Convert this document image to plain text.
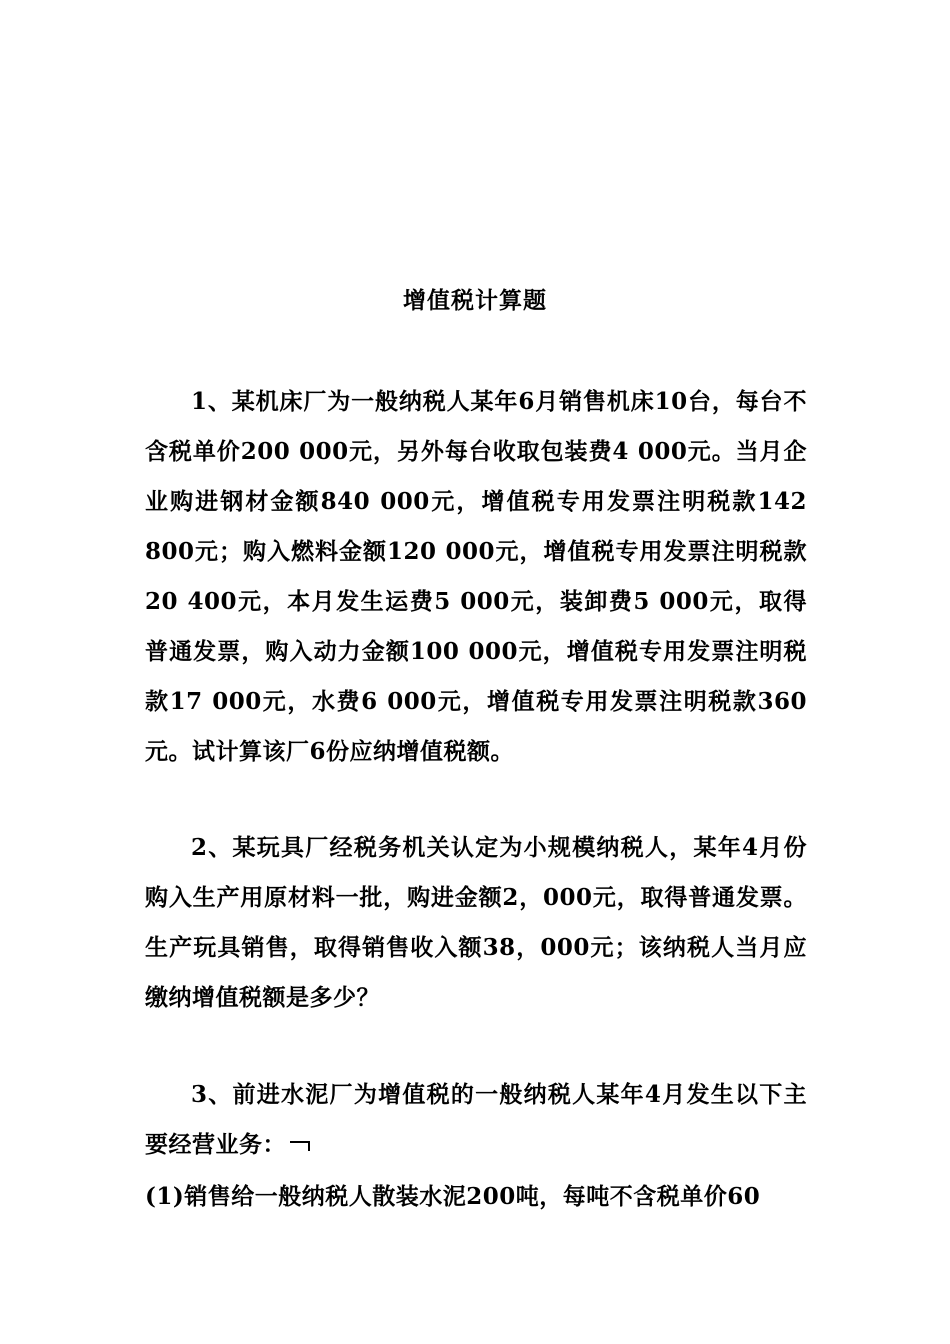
增值税计算题

1、某机床厂为一般纳税人某年6月销售机床10台，每台不含税单价200 000元，另外每台收取包装费4 000元。当月企业购进钢材金额840 000元，增值税专用发票注明税款142 800元；购入燃料金额120 000元，增值税专用发票注明税款20 400元，本月发生运费5 000元，装卸费5 000元，取得普通发票，购入动力金额100 000元，增值税专用发票注明税款17 000元，水费6 000元，增值税专用发票注明税款360元。试计算该厂6份应纳增值税额。

2、某玩具厂经税务机关认定为小规模纳税人，某年4月份购入生产用原材料一批，购进金额2，000元，取得普通发票。生产玩具销售，取得销售收入额38，000元；该纳税人当月应缴纳增值税额是多少？

3、前进水泥厂为增值税的一般纳税人某年4月发生以下主要经营业务：

(1)销售给一般纳税人散装水泥200吨，每吨不含税单价60
